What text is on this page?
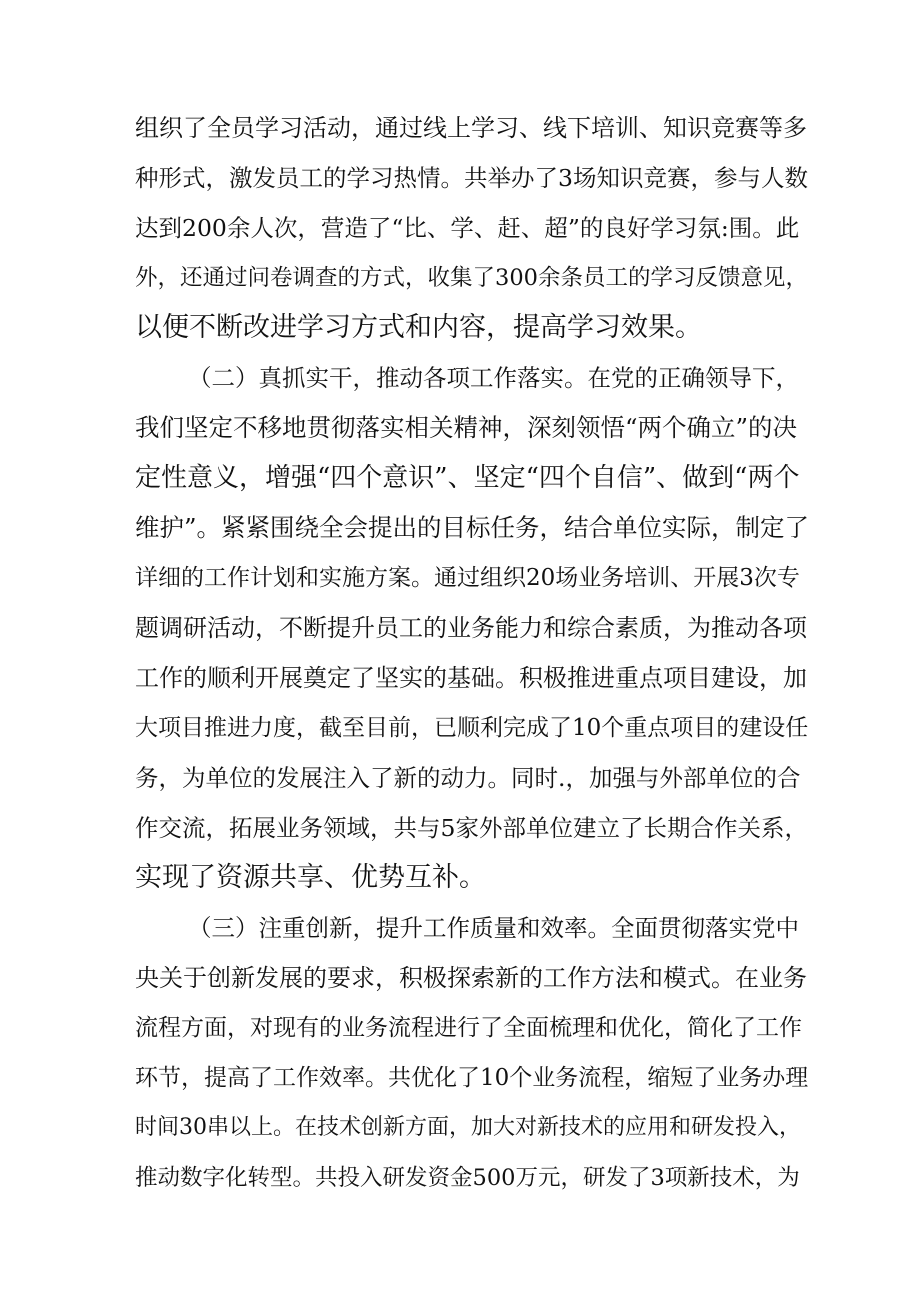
组织了全员学习活动，通过线上学习、线下培训、知识竞赛等多
种形式，激发员工的学习热情。共举办了3场知识竞赛，参与人数
达到200余人次，营造了“比、学、赶、超”的良好学习氛:围。此
外，还通过问卷调查的方式，收集了300余条员工的学习反馈意见，
以便不断改进学习方式和内容，提高学习效果。
（二）真抓实干，推动各项工作落实。在党的正确领导下，
我们坚定不移地贯彻落实相关精神，深刻领悟“两个确立”的决
定性意义，增强“四个意识”、坚定“四个自信”、做到“两个
维护”。紧紧围绕全会提出的目标任务，结合单位实际，制定了
详细的工作计划和实施方案。通过组织20场业务培训、开展3次专
题调研活动，不断提升员工的业务能力和综合素质，为推动各项
工作的顺利开展奠定了坚实的基础。积极推进重点项目建设，加
大项目推进力度，截至目前，已顺利完成了10个重点项目的建设任
务，为单位的发展注入了新的动力。同时.，加强与外部单位的合
作交流，拓展业务领域，共与5家外部单位建立了长期合作关系，
实现了资源共享、优势互补。
（三）注重创新，提升工作质量和效率。全面贯彻落实党中
央关于创新发展的要求，积极探索新的工作方法和模式。在业务
流程方面，对现有的业务流程进行了全面梳理和优化，简化了工作
环节，提高了工作效率。共优化了10个业务流程，缩短了业务办理
时间30串以上。在技术创新方面，加大对新技术的应用和研发投入，
推动数字化转型。共投入研发资金500万元，研发了3项新技术，为
